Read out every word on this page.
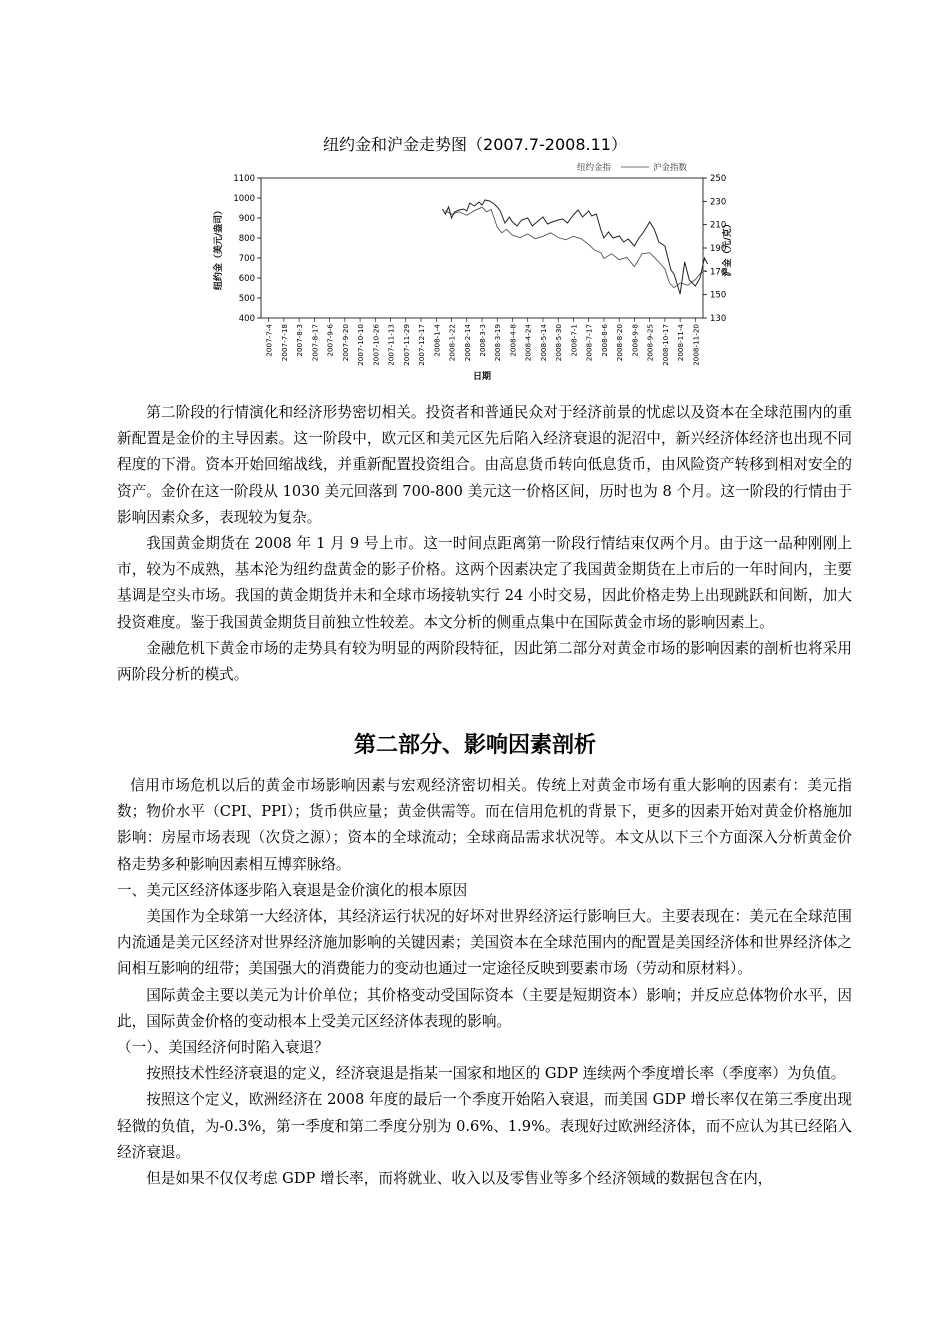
纽约金和沪金走势图（2007.7-2008.11）
400
500
600
700
800
900
1000
1100
130
150
170
190
210
230
250
2007-7-4 2007-7-18 2007-8-3 2007-8-17 2007-9-6 2007-9-20 2007-10-10 2007-10-26 2007-11-13 2007-11-29 2007-12-17 2008-1-4 2008-1-22 2008-2-14 2008-3-3 2008-3-19 2008-4-8 2008-4-24 2008-5-14 2008-5-30 2008-7-1 2008-7-17 2008-8-6 2008-8-20 2008-9-8 2008-9-25 2008-10-17 2008-11-4 2008-11-20
纽约金（美元/盎司）	沪金（元/克）
日期
纽约金指	沪金指数

第二阶段的行情演化和经济形势密切相关。投资者和普通民众对于经济前景的忧虑以及资本在全球范围内的重新配置是金价的主导因素。这一阶段中，欧元区和美元区先后陷入经济衰退的泥沼中，新兴经济体经济也出现不同程度的下滑。资本开始回缩战线，并重新配置投资组合。由高息货币转向低息货币，由风险资产转移到相对安全的资产。金价在这一阶段从 1030 美元回落到 700-800 美元这一价格区间，历时也为 8 个月。这一阶段的行情由于影响因素众多，表现较为复杂。

我国黄金期货在 2008 年 1 月 9 号上市。这一时间点距离第一阶段行情结束仅两个月。由于这一品种刚刚上市，较为不成熟，基本沦为纽约盘黄金的影子价格。这两个因素决定了我国黄金期货在上市后的一年时间内，主要基调是空头市场。我国的黄金期货并未和全球市场接轨实行 24 小时交易，因此价格走势上出现跳跃和间断，加大投资难度。鉴于我国黄金期货目前独立性较差。本文分析的侧重点集中在国际黄金市场的影响因素上。

金融危机下黄金市场的走势具有较为明显的两阶段特征，因此第二部分对黄金市场的影响因素的剖析也将采用两阶段分析的模式。

第二部分、影响因素剖析

信用市场危机以后的黄金市场影响因素与宏观经济密切相关。传统上对黄金市场有重大影响的因素有：美元指数；物价水平（CPI、PPI）；货币供应量；黄金供需等。而在信用危机的背景下，更多的因素开始对黄金价格施加影响：房屋市场表现（次贷之源）；资本的全球流动；全球商品需求状况等。本文从以下三个方面深入分析黄金价格走势多种影响因素相互博弈脉络。

一、美元区经济体逐步陷入衰退是金价演化的根本原因

美国作为全球第一大经济体，其经济运行状况的好坏对世界经济运行影响巨大。主要表现在：美元在全球范围内流通是美元区经济对世界经济施加影响的关键因素；美国资本在全球范围内的配置是美国经济体和世界经济体之间相互影响的纽带；美国强大的消费能力的变动也通过一定途径反映到要素市场（劳动和原材料）。

国际黄金主要以美元为计价单位；其价格变动受国际资本（主要是短期资本）影响；并反应总体物价水平，因此，国际黄金价格的变动根本上受美元区经济体表现的影响。

（一）、美国经济何时陷入衰退？

按照技术性经济衰退的定义，经济衰退是指某一国家和地区的 GDP 连续两个季度增长率（季度率）为负值。

按照这个定义，欧洲经济在 2008 年度的最后一个季度开始陷入衰退，而美国 GDP 增长率仅在第三季度出现轻微的负值，为-0.3%，第一季度和第二季度分别为 0.6%、1.9%。表现好过欧洲经济体，而不应认为其已经陷入经济衰退。

但是如果不仅仅考虑 GDP 增长率，而将就业、收入以及零售业等多个经济领域的数据包含在内，
